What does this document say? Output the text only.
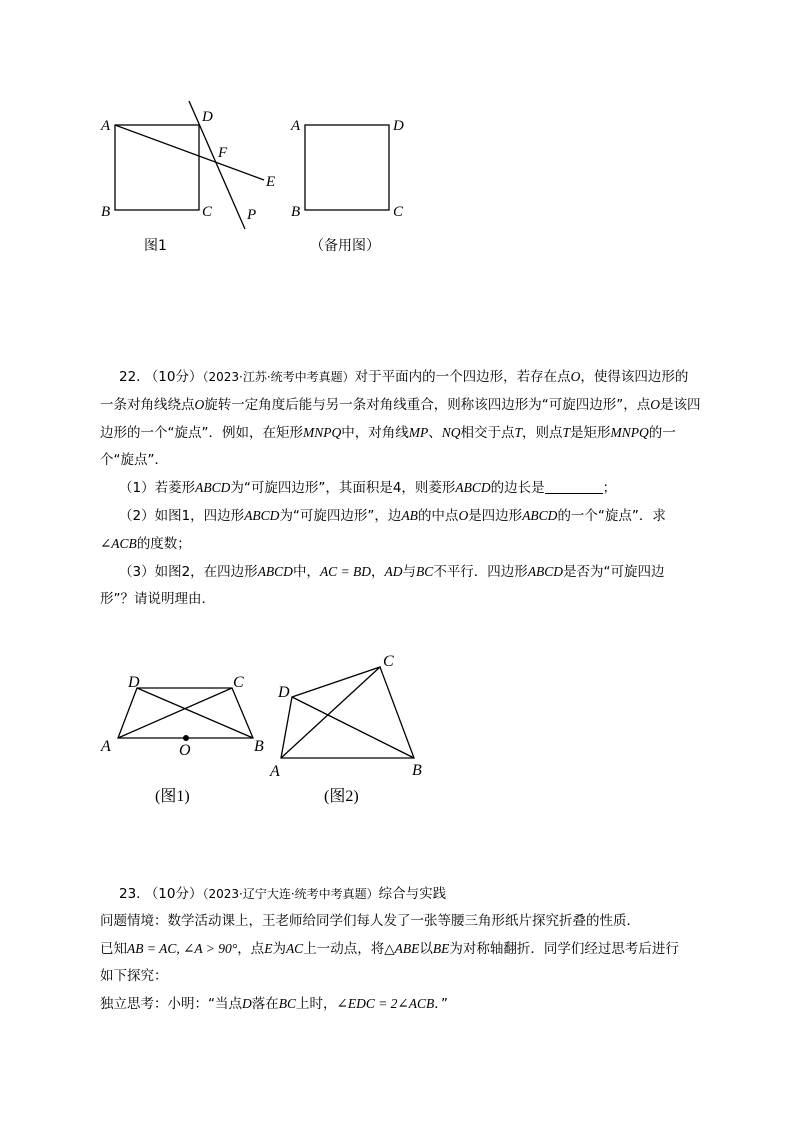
A
D
F
E
B	C P
图1
A	D
B	C
（备用图）
22. （10分）（2023·江苏·统考中考真题）对于平面内的一个四边形，若存在点O，使得该四边形的
一条对角线绕点O旋转一定角度后能与另一条对角线重合，则称该四边形为“可旋四边形”，点O是该四
边形的一个“旋点”．例如，在矩形MNPQ中，对角线MP、NQ相交于点T，则点T是矩形MNPQ的一
个“旋点”．
（1）若菱形ABCD为“可旋四边形”，其面积是4，则菱形ABCD的边长是	；
（2）如图1，四边形ABCD为“可旋四边形”，边AB的中点O是四边形ABCD的一个“旋点”．求
∠ACB的度数；
（3）如图2，在四边形ABCD中，AC = BD，AD与BC不平行．四边形ABCD是否为“可旋四边
形”？请说明理由．
D	C
A	O	B
(图1)
C
D
A	B
(图2)
23. （10分）（2023·辽宁大连·统考中考真题）综合与实践
问题情境：数学活动课上，王老师给同学们每人发了一张等腰三角形纸片探究折叠的性质．
已知AB = AC, ∠A > 90°，点E为AC上一动点，将△ABE以BE为对称轴翻折．同学们经过思考后进行
如下探究：
独立思考：小明：“当点D落在BC上时，∠EDC = 2∠ACB．”
